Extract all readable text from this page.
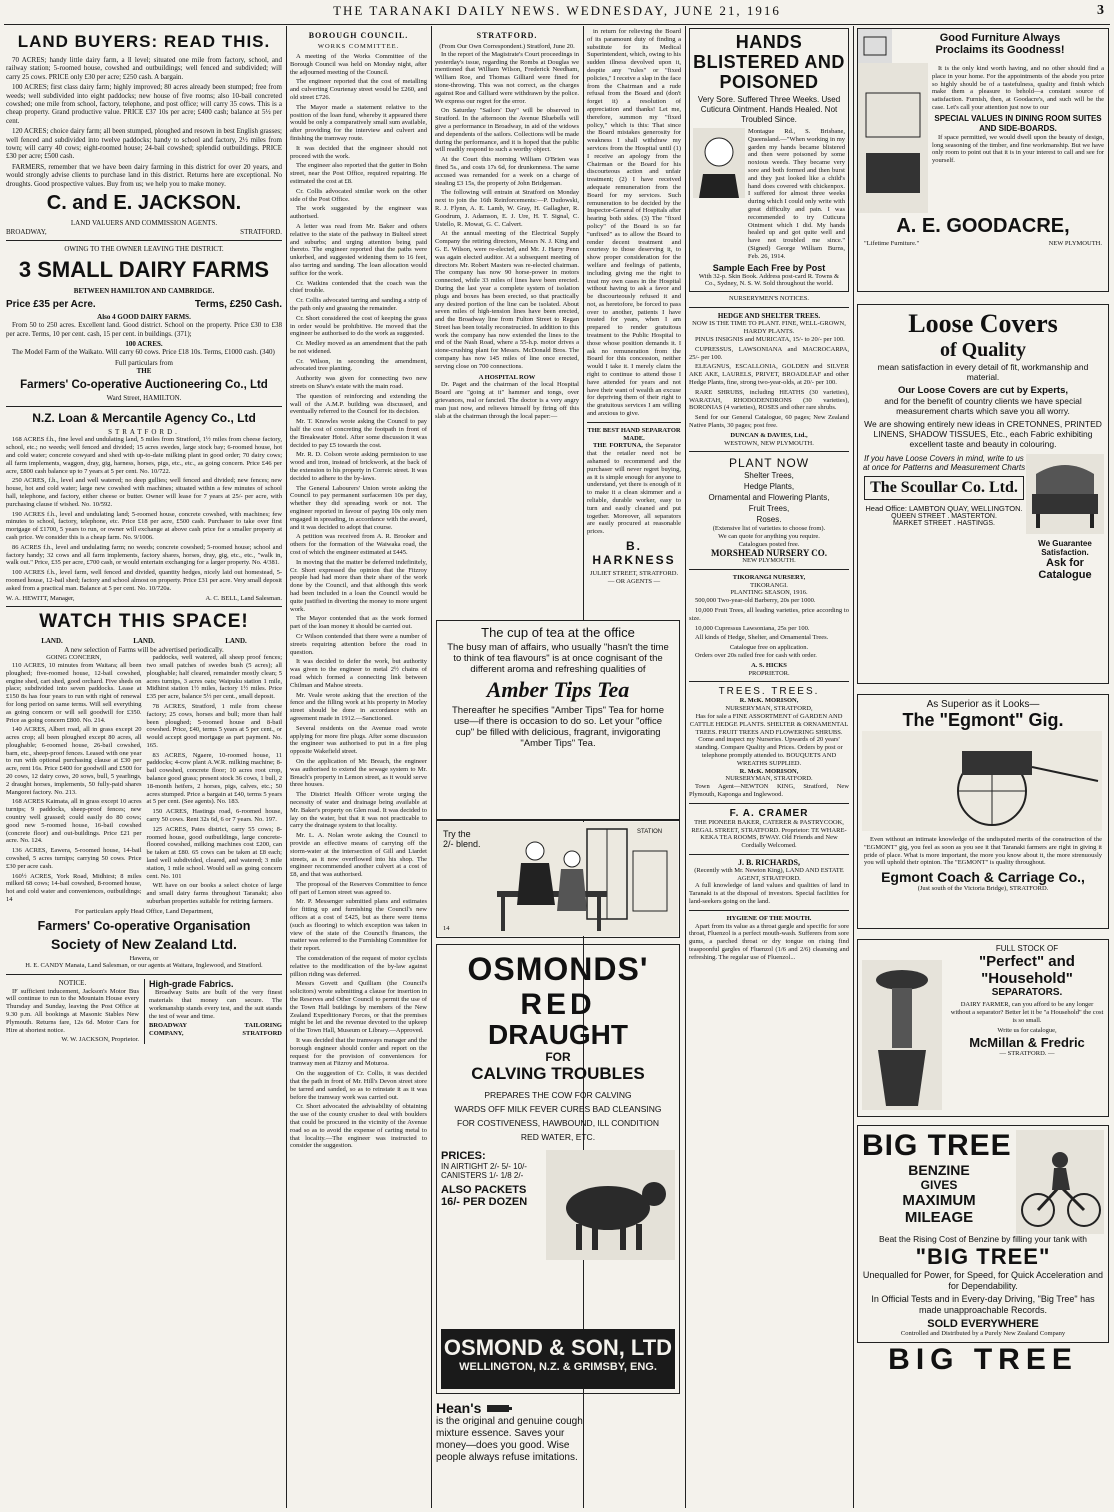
THE TARANAKI DAILY NEWS. WEDNESDAY, JUNE 21, 1916	3
LAND BUYERS: READ THIS.
70 ACRES; handy little dairy farm, a ll level; situated one mile from factory, school, and railway station; 5-roomed house, cowshed and outbuildings; well fenced and subdivided; will carry 25 cows. PRICE only £30 per acre; £250 cash. A bargain.
100 ACRES; first class dairy farm; highly improved; 80 acres already been stumped; free from weeds; well subdivided into eight paddocks; new house of five rooms; also 10-bail concreted cowshed; one mile from school, factory, telephone, and post office; will carry 35 cows. This is a cheap property. Grand productive value. PRICE £37 10s per acre; £400 cash; balance at 5½ per cent.
120 ACRES; choice dairy farm; all been stumped, ploughed and resown in best English grasses; well fenced and subdivided into twelve paddocks; handy to school and factory, 2½ miles from town; will carry 40 cows; eight-roomed house; 24-bail cowshed; splendid outbuildings. PRICE £30 per acre; £500 cash.
FARMERS, remember that we have been dairy farming in this district for over 20 years, and would strongly advise clients to purchase land in this district. Returns here are exceptional. No droughts. Good prospective values. Buy from us; we help you to make money.
C. and E. JACKSON.
LAND VALUERS AND COMMISSION AGENTS.
BROADWAY,	STRATFORD.
OWING TO THE OWNER LEAVING THE DISTRICT.
3 SMALL DAIRY FARMS
BETWEEN HAMILTON AND CAMBRIDGE.
Price £35 per Acre.	Terms, £250 Cash.
Also 4 GOOD DAIRY FARMS.
From 50 to 250 acres. Excellent land. Good district. School on the property. Price £30 to £38 per acre. Terms, 10 per cent. cash, 15 per cent. in buildings. (371);
100 ACRES.
The Model Farm of the Waikato. Will carry 60 cows. Price £18 10s. Terms, £1000 cash. (340)
Full particulars from
THE
Farmers' Co-operative Auctioneering Co., Ltd
Ward Street, HAMILTON.
N.Z. Loan & Mercantile Agency Co., Ltd
STRATFORD.
168 ACRES f.h., fine level and undulating land, 5 miles from Stratford, 1½ miles from cheese factory, school, etc.; no weeds; well fenced and divided; 15 acres swedes, large stock bay; 6-roomed house, hot and cold water; concrete cowyard and shed with up-to-date milking plant in good order; 70 dairy cows; all farm implements, waggon, dray, gig, harness, horses, pigs, etc., etc., as going concern. Price £46 per acre, £800 cash balance up to 7 years at 5 per cent. No. 10/722.
250 ACRES, f.h., level and well watered; no deep gullies; well fenced and divided; new fences; new house, hot and cold water; large new cowshed with machines; situated within a few minutes of school hall, telephone, and factory, either cheese or butter. Owner will lease for 7 years at 25/- per acre, with purchasing clause if wished. No. 10/592.
190 ACRES f.h., level and undulating land; 5-roomed house, concrete cowshed, with machines; few minutes to school, factory, telephone, etc. Price £18 per acre, £500 cash. Purchaser to take over first mortgage of £1700, 5 years to run, or owner will exchange at above cash price for a smaller property at cash price. We consider this is a cheap farm. No. 9/1006.
86 ACRES f.h., level and undulating farm; no weeds; concrete cowshed; 5-roomed house; school and factory handy; 32 cows and all farm implements, factory shares, horses, dray, gig, etc., etc., "walk in, walk out." Price, £35 per acre, £700 cash, or would entertain exchanging for a larger property. No. 4/381.
100 ACRES f.h., level farm, well fenced and divided, quantity hedges, nicely laid out homestead, 5-roomed house, 12-bail shed; factory and school almost on property. Price £31 per acre. Very small deposit asked from a practical man. Balance at 5 per cent. No. 10/720a.
W. A. HEWITT, Manager,	A. C. BELL, Land Salesman.
WATCH THIS SPACE!
LAND.	LAND.	LAND.
A new selection of Farms will be advertised periodically.
GOING CONCERN,
110 ACRES, 10 minutes from Waitara; all been ploughed; five-roomed house, 12-bail cowshed, engine shed, cart shed, good orchard. Five sheds on place; subdivided into seven paddocks. Lease at £150 8s has four years to run with right of renewal for long period on same terms. Will sell everything as going concern or will sell goodwill for £350. Price as going concern £800. No. 214.
140 ACRES, Albert road, all in grass except 20 acres crop; all been ploughed except 80 acres, all ploughable; 6-roomed house, 26-bail cowshed, barn, etc., sheep-proof fences. Leased with one year to run with optional purchasing clause at £30 per acre, rent 16s. Price £400 for goodwill and £500 for 20 cows, 12 dairy cows, 20 sows, bull, 5 yearlings, 2 draught horses, implements, 50 fully-paid shares Mangorei factory. No. 213.
168 ACRES Kaimata, all in grass except 10 acres turnips; 9 paddocks, sheep-proof fences; new country well grassed; could easily do 80 cows; good new 5-roomed house, 16-bail cowshed (concrete floor) and out-buildings. Price £21 per acre. No. 124.
136 ACRES, Eawera, 5-roomed house, 14-bail cowshed, 5 acres turnips; carrying 50 cows. Price £30 per acre cash.
160½ ACRES, York Road, Midhirst; 8 miles milked 68 cows; 14-bail cowshed, 8-roomed house, hot and cold water and conveniences, outbuildings; 14
paddocks, well watered, all sheep proof fences; two small patches of swedes bush (5 acres); all ploughable; half cleared, remainder mostly clean; 5 acres turnips, 3 acres oats; Waipuku station 1 mile, Midhirst station 1½ miles, factory 1½ miles. Price £35 per acre, balance 5½ per cent., small deposit.
78 ACRES, Stratford, 1 mile from cheese factory; 25 cows, horses and bull; more than half been ploughed; 5-roomed house and 8-bail cowshed. Price, £40, terms 5 years at 5 per cent., or would accept good mortgage as part payment. No. 165.
83 ACRES, Ngaere, 10-roomed house, 11 paddocks; 4-cow plant A.W.R. milking machine; 8-bail cowshed, concrete floor; 10 acres root crop, balance good grass; present stock 36 cows, 1 bull, 2 18-month heifers, 2 horses, pigs, calves, etc.; 50 acres stumped. Price a bargain at £40, terms 5 years at 5 per cent. (See agents). No. 183.
150 ACRES, Hastings road, 6-roomed house, carry 50 cows. Rent 32s 6d, 6 or 7 years. No. 197.
125 ACRES, Pates district, carry 55 cows; 8-roomed house, good outbuildings, large concrete-floored cowshed, milking machines cost £200, can be taken at £80. 65 cows can be taken at £8 each; land well subdivided, cleared, and watered; 3 mile station, 1 mile school. Would sell as going concern cent. No. 101
WE have on our books a select choice of large and small dairy farms throughout Taranaki; also suburban properties suitable for retiring farmers.
For particulars apply Head Office, Land Department,
Farmers' Co-operative Organisation
Society of New Zealand Ltd.
Hawera, or
H. E. CANDY Manaia, Land Salesman, or our agents at Waitara, Inglewood, and Stratford.
NOTICE.
IF sufficient inducement, Jackson's Motor Bus will continue to run to the Mountain House every Thursday and Sunday, leaving the Post Office at 9.30 p.m. All bookings at Masonic Stables New Plymouth. Returns fare, 12s 6d. Motor Cars for Hire at shortest notice.
W. W. JACKSON, Proprietor.
High-grade Fabrics.
Broadway Suits are built of the very finest materials that money can secure. The workmanship stands every test, and the suit stands the test of wear and time.
BROADWAY	TAILORING
COMPANY,	STRATFORD
BOROUGH COUNCIL.
WORKS COMMITTEE.
A meeting of the Works Committee of the Borough Council was held on Monday night, after the adjourned meeting of the Council.
The engineer reported that the cost of metalling and culverting Courtenay street would be £260, and old street £726.
The Mayor made a statement relative to the position of the loan fund, whereby it appeared there would be only a comparatively small sum available, after providing for the interview and culvert and finishing the tramway route.
It was decided that the engineer should not proceed with the work.
The engineer also reported that the gutter in Bohn street, near the Post Office, required repairing. He estimated the cost at £8.
Cr. Collis advocated similar work on the other side of the Post Office.
The work suggested by the engineer was authorised.
A letter was read from Mr. Baker and others relative to the state of the pathway in Bulteel street and suburbs; and urging attention being paid thereto. The engineer reported that the paths were unkerbed, and suggested widening them to 16 feet, also tarring and sanding. The loan allocation would suffice for the work.
Cr. Watkins contended that the coach was the chief trouble.
Cr. Collis advocated tarring and sanding a strip of the path only and grassing the remainder.
Cr. Short considered the cost of keeping the grass in order would be prohibitive. He moved that the engineer be authorised to do the work as suggested.
Cr. Medley moved as an amendment that the path be not widened.
Cr. Wilson, in seconding the amendment, advocated tree planting.
Authority was given for connecting two new streets on Shaw's estate with the main road.
The question of reinforcing and extending the wall of the A.M.P. building was discussed, and eventually referred to the Council for its decision.
Mr. T. Knowles wrote asking the Council to pay half the cost of concreting the footpath in front of the Breakwater Hotel. After some discussion it was decided to pay £5 towards the cost.
Mr. R. D. Colson wrote asking permission to use wood and iron, instead of brickwork, at the back of the extension to his property in Correic street. It was decided to adhere to the by-laws.
The General Labourers' Union wrote asking the Council to pay permanent surfacemen 10s per day, whether they did spreading work or not. The engineer reported in favour of paying 10s only men engaged in spreading, in accordance with the award, and it was decided to adopt that course.
A petition was received from A. R. Brooker and others for the formation of the Waiwaka road, the cost of which the engineer estimated at £445.
In moving that the matter be deferred indefinitely, Cr. Short expressed the opinion that the Fitzroy people had had more than their share of the work done by the Council, and that although this work had been included in a loan the Council would be quite justified in diverting the money to more urgent work.
The Mayor contended that as the work formed part of the loan money it should be carried out.
Cr Wilson contended that there were a number of streets requiring attention before the road in question.
It was decided to defer the work, but authority was given to the engineer to metal 2½ chains of road which formed a connecting link between Chilman and Mahoe streets.
Mr. Veale wrote asking that the erection of the fence and the filling work at his property in Morley street should be done in accordance with an agreement made in 1912.—Sanctioned.
Several residents on the Avenue road wrote applying for more fire plugs. After some discussion the engineer was authorised to put in a fire plug opposite Wakefield street.
On the application of Mr. Breach, the engineer was authorised to extend the sewage system to Mr. Breach's property in Lemon street, as it would serve three houses.
The District Health Officer wrote urging the necessity of water and drainage being available at Mr. Baker's property on Glen road. It was decided to lay on the water, but that it was not practicable to carry the drainage system to that locality.
Mr. L. A. Nolan wrote asking the Council to provide an effective means of carrying off the storm-water at the intersection of Gill and Liardet streets, as it now overflowed into his shop. The engineer recommended another culvert at a cost of £8, and that was authorised.
The proposal of the Reserves Committee to fence off part of Lemon street was agreed to.
Mr. P. Messenger submitted plans and estimates for fitting up and furnishing the Council's new offices at a cost of £425, but as there were items (such as flooring) to which exception was taken in view of the state of the Council's finances, the matter was referred to the Furnishing Committee for their report.
The consideration of the request of motor cyclists relative to the modification of the by-law against pillion riding was deferred.
Messrs Govett and Quilliam (the Council's solicitors) wrote submitting a clause for insertion in the Reserves and Other Council to permit the use of the Town Hall buildings by members of the New Zealand Expeditionary Forces, or that the premises might be let and the revenue devoted to the upkeep of the Town Hall, Museum or Library.—Approved.
It was decided that the tramways manager and the borough engineer should confer and report on the request for the provision of conveniences for tramway men at Fitzroy and Moturoa.
On the suggestion of Cr. Collis, it was decided that the path in front of Mr. Hill's Devon street store be tarred and sanded, so as to reinstate it as it was before the tramway work was carried out.
Cr. Short advocated the advisability of obtaining the use of the county crusher to deal with boulders that could be procured in the vicinity of the Avenue road so as to avoid the expense of carting metal to that locality.—The engineer was instructed to consider the suggestion.
STRATFORD.
(From Our Own Correspondent.) Stratford, June 20.
In the report of the Magistrate's Court proceedings in yesterday's issue, regarding the Rombs at Douglas we mentioned that William Wilson, Frederick Needham, William Roe, and Thomas Gilliard were fined for stone-throwing. This was not correct, as the charges against Roe and Gilliard were withdrawn by the police. We express our regret for the error.
On Saturday "Sailors' Day" will be observed in Stratford. In the afternoon the Avenue Bluebells will give a performance in Broadway, in aid of the widows and dependents of the sailors. Collections will be made during the performance, and it is hoped that the public will readily respond to such a worthy object.
At the Court this morning William O'Brien was fined 5s., and costs 17s 6d, for drunkenness. The same accused was remanded for a week on a charge of stealing £3 15s, the property of John Bridgeman.
The following will entrain at Stratford on Monday next to join the 16th Reinforcements:—P. Dudowski, R. J. Flynn, A. E. Lamb, W. Gray, H. Gallagher, R. Goodrum, J. Adamson, E. J. Ure, H. T. Signal, C. Ustello, R. Mowat, G. C. Calvert.
At the annual meeting of the Electrical Supply Company the retiring directors, Messrs N. J. King and G. E. Wilson, were re-elected, and Mr. J. Harry Penn was again elected auditor. At a subsequent meeting of directors Mr. Robert Masters was re-elected chairman. The company has now 90 horse-power in motors connected, while 33 miles of lines have been erected. During the last year a complete system of isolation plugs and boxes has been erected, so that practically any desired portion of the line can be isolated. About seven miles of high-tension lines have been erected, and the Broadway line from Fulton Street to Regan Street has been totally reconstructed. In addition to this work the company has now extended the lines to the end of the Nash Road, where a 55-h.p. motor drives a stone-crushing plant for Messrs. McDonald Bros. The company has now 145 miles of line once erected, serving close on 700 connections.
A HOSPITAL ROW
Dr. Paget and the chairman of the local Hospital Board are "going at it" hammer and tongs, over grievances, real or fancied. The doctor is a very angry man just now, and relieves himself by firing off this slab at the chairman through the local paper:—
in return for relieving the Board of its paramount duty of finding a substitute for its Medical Superintendent, which, owing to his sudden illness devolved upon it, despite any "rules" or "fixed policies," I receive a slap in the face from the Chairman and a rude refusal from the Board and (don't forget it) a resolution of appreciation and thanks! Let me, therefore, summon my "fixed policy," which is this: That since the Board mistakes generosity for weakness I shall withdraw my services from the Hospital until (1) I receive an apology from the Chairman or the Board for his discourteous action and unfair treatment; (2) I have received adequate remuneration from the Board for my services. Such remuneration to be decided by the Inspector-General of Hospitals after hearing both sides. (3) The "fixed policy" of the Board is so far "unfixed" as to allow the Board to render decent treatment and courtesy to those deserving it, to show proper consideration for the welfare and feelings of patients, including giving me the right to treat my own cases in the Hospital without having to ask a favor and be discourteously refused it and not, as heretofore, be forced to pass over to another, patients I have treated for years, when I am prepared to render gratuitous treatment to the Public Hospital to those whose position demands it. I ask no remuneration from the Board for this concession, neither would I take it. I merely claim the right to continue to attend those I have attended for years and not have their want of wealth an excuse for depriving them of their right to the gratuitous services I am willing and anxious to give.
THE BEST HAND SEPARATOR MADE.
THE FORTUNA, the Separator that the retailer need not be ashamed to recommend and the purchaser will never regret buying, as it is simple enough for anyone to understand, yet there is enough of it to make it a clean skimmer and a reliable, durable worker, easy to turn and easily cleaned and put together. Moreover, all separators are easily procured at reasonable prices.
B. HARKNESS
JULIET STREET, STRATFORD.
— OR AGENTS —
The cup of tea at the office
The busy man of affairs, who usually "hasn't the time to think of tea flavours" is at once cognisant of the different aroma and refreshing qualities of
Amber Tips Tea
Thereafter he specifies "Amber Tips" Tea for home use—if there is occasion to do so. Let your "office cup" be filled with delicious, fragrant, invigorating "Amber Tips" Tea.
Try the 2/- blend.
STATION
14
OSMONDS'
RED
DRAUGHT
FOR
CALVING TROUBLES
PREPARES THE COW FOR CALVING
WARDS OFF MILK FEVER CURES BAD CLEANSING
FOR COSTIVENESS, HAWBOUND, ILL CONDITION
RED WATER, ETC.
PRICES:
IN AIRTIGHT 2/- 5/- 10/- CANISTERS 1/- 1/8 2/-
ALSO PACKETS 16/- PER DOZEN
OSMOND & SON, LTD
WELLINGTON, N.Z. & GRIMSBY, ENG.
Hean's
is the original and genuine cough mixture essence. Saves your money—does you good. Wise people always refuse imitations.
HANDS BLISTERED AND POISONED
Very Sore. Suffered Three Weeks. Used Cuticura Ointment. Hands Healed. Not Troubled Since.
Montague Rd., S. Brisbane, Queensland.—"When working in my garden my hands became blistered and then were poisoned by some noxious weeds. They became very sore and both formed and then burst and they just looked like a child's hand does covered with chickenpox. I suffered for almost three weeks during which I could only write with great difficulty and pain. I was recommended to try Cuticura Ointment which I did. My hands healed up and got quite well and have not troubled me since." (Signed) George William Burns, Feb. 26, 1914.
Sample Each Free by Post
With 32-p. Skin Book. Address post-card R. Towns & Co., Sydney, N. S. W. Sold throughout the world.
NURSERYMEN'S NOTICES.
HEDGE AND SHELTER TREES.
NOW IS THE TIME TO PLANT. FINE, WELL-GROWN, HARDY PLANTS.
PINUS INSIGNIS and MURICATA, 15/- to 20/- per 100.
CUPRESSUS, LAWSONIANA and MACROCARPA, 25/- per 100.
ELEAGNUS, ESCALLONIA, GOLDEN and SILVER AKE AKE, LAURELS, PRIVET, BROADLEAF and other Hedge Plants, fine, strong two-year-olds, at 20/- per 100.
RARE SHRUBS, including HEATHS (30 varieties), WARATAH, RHODODENDRONS (30 varieties), BORONIAS (4 varieties), ROSES and other rare shrubs.
Send for our General Catalogue, 60 pages; New Zealand Native Plants, 30 pages; post free.
DUNCAN & DAVIES, Ltd.,
WESTOWN, NEW PLYMOUTH.
PLANT NOW
Shelter Trees,
Hedge Plants,
Ornamental and Flowering Plants,
Fruit Trees,
Roses.
(Extensive list of varieties to choose from).
We can quote for anything you require.
Catalogues posted free.
MORSHEAD NURSERY CO.
NEW PLYMOUTH.
TIKORANGI NURSERY,
TIKORANGI.
PLANTING SEASON, 1916.
500,000 Two-year-old Barberry, 20s per 1000.
10,000 Fruit Trees, all leading varieties, price according to size.
10,000 Cupressus Lawsoniana, 25s per 100.
All kinds of Hedge, Shelter, and Ornamental Trees.
Catalogue free on application.
Orders over 20s railed free for cash with order.
A. S. HICKS
PROPRIETOR.
TREES. TREES.
R. McK. MORISON,
NURSERYMAN, STRATFORD,
Has for sale a FINE ASSORTMENT of GARDEN AND CATTLE HEDGE PLANTS. SHELTER & ORNAMENTAL TREES. FRUIT TREES AND FLOWERING SHRUBS. Come and inspect my Nurseries. Upwards of 20 years' standing. Compare Quality and Prices. Orders by post or telephone promptly attended to. BOUQUETS AND WREATHS SUPPLIED.
R. McK. MORISON,
NURSERYMAN, STRATFORD.
Town Agent—NEWTON KING, Stratford, New Plymouth, Kaponga and Inglewood.
F. A. CRAMER
THE PIONEER BAKER, CATERER & PASTRYCOOK, REGAL STREET, STRATFORD. Proprietor: TE WHARE-KEKA TEA ROOMS, B'WAY. Old Friends and New Cordially Welcomed.
J. B. RICHARDS,
(Recently with Mr. Newton King), LAND AND ESTATE AGENT, STRATFORD.
A full knowledge of land values and qualities of land in Taranaki is at the disposal of investors. Special facilities for land-seekers going on the land.
HYGIENE OF THE MOUTH.
Apart from its value as a throat gargle and specific for sore throat, Fluenzol is a perfect mouth-wash. Sufferers from sore gums, a parched throat or dry tongue on rising find teaspoonful gargles of Fluenzol (1/6 and 2/6) cleansing and refreshing. The regular use of Fluenzol...
Good Furniture Always
Proclaims its Goodness!
It is the only kind worth having, and no other should find a place in your home. For the appointments of the abode you prize so highly should be of a tastefulness, quality and finish which make them a pleasure to behold—a constant source of satisfaction. Furnish, then, at Goodacre's, and such will be the case. Let's call your attention just now to our
SPECIAL VALUES IN DINING ROOM SUITES AND SIDE-BOARDS.
If space permitted, we would dwell upon the beauty of design, long seasoning of the timber, and fine workmanship. But we have only room to point out that it is in your interest to call and see for yourself.
A. E. GOODACRE,
"Lifetime Furniture."	NEW PLYMOUTH.
Loose Covers
of Quality
mean satisfaction in every detail of fit, workmanship and material.
Our Loose Covers are cut by Experts,
and for the benefit of country clients we have special measurement charts which save you all worry.
We are showing entirely new ideas in CRETONNES, PRINTED LINENS, SHADOW TISSUES, Etc., each Fabric exhibiting excellent taste and beauty in colouring.
If you have Loose Covers in mind, write to us at once for Patterns and Measurement Charts
The Scoullar Co. Ltd.
Head Office: LAMBTON QUAY, WELLINGTON.
QUEEN STREET . MASTERTON.
MARKET STREET . HASTINGS.
We Guarantee Satisfaction.
Ask for Catalogue
As Superior as it Looks—
The "Egmont" Gig.
Even without an intimate knowledge of the undisputed merits of the construction of the "EGMONT" gig, you feel as soon as you see it that Taranaki farmers are right in giving it pride of place. What is more important, the more you know about it, the more strenuously you will uphold their opinion. The "EGMONT" is quality throughout.
Egmont Coach & Carriage Co.,
(Just south of the Victoria Bridge), STRATFORD.
FULL STOCK OF
"Perfect" and
"Household"
SEPARATORS.
DAIRY FARMER, can you afford to be any longer without a separator? Better let it be "a Household" the cost is so small.
Write us for catalogue,
McMillan & Fredric
— STRATFORD. —
BIG TREE
BENZINE
GIVES
MAXIMUM
MILEAGE
Beat the Rising Cost of Benzine by filling your tank with
"BIG TREE"
Unequalled for Power, for Speed, for Quick Acceleration and for Dependability.
In Official Tests and in Every-day Driving, "Big Tree" has made unapproachable Records.
SOLD EVERYWHERE
Controlled and Distributed by a Purely New Zealand Company
BIG TREE
